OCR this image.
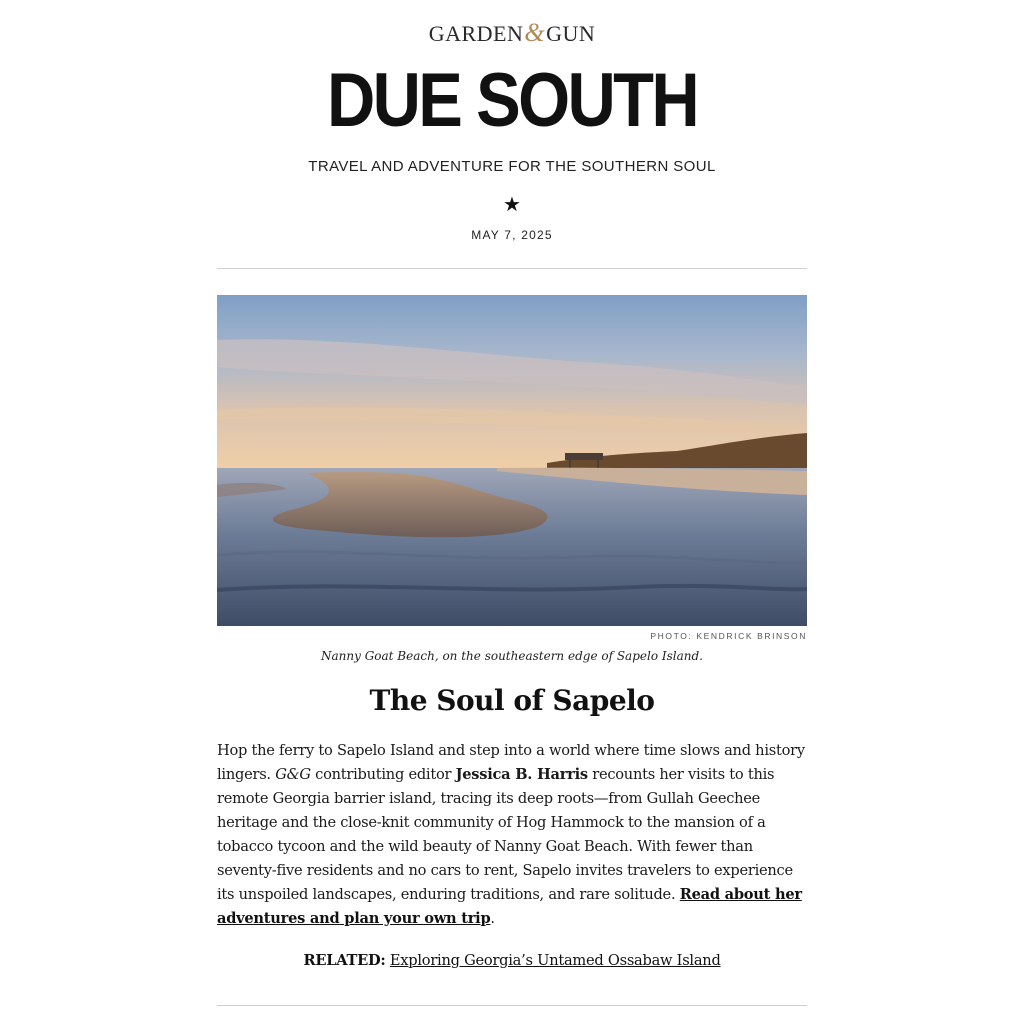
GARDEN&GUN
DUE SOUTH
TRAVEL AND ADVENTURE FOR THE SOUTHERN SOUL
★
MAY 7, 2025
PHOTO: KENDRICK BRINSON
Nanny Goat Beach, on the southeastern edge of Sapelo Island.
The Soul of Sapelo
Hop the ferry to Sapelo Island and step into a world where time slows and history lingers. G&G contributing editor Jessica B. Harris recounts her visits to this remote Georgia barrier island, tracing its deep roots—from Gullah Geechee heritage and the close-knit community of Hog Hammock to the mansion of a tobacco tycoon and the wild beauty of Nanny Goat Beach. With fewer than seventy-five residents and no cars to rent, Sapelo invites travelers to experience its unspoiled landscapes, enduring traditions, and rare solitude. Read about her adventures and plan your own trip.
RELATED: Exploring Georgia’s Untamed Ossabaw Island
